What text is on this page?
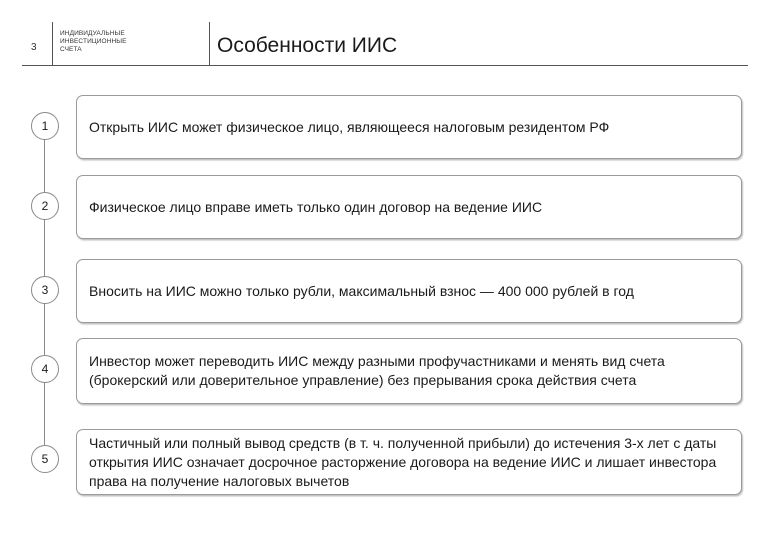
3
ИНДИВИДУАЛЬНЫЕ
ИНВЕСТИЦИОННЫЕ
СЧЕТА	Особенности ИИС
1	Открыть ИИС может физическое лицо, являющееся налоговым резидентом РФ
2	Физическое лицо вправе иметь только один договор на ведение ИИС
3	Вносить на ИИС можно только рубли, максимальный взнос — 400 000 рублей в год
4	Инвестор может переводить ИИС между разными профучастниками и менять вид счета (брокерский или доверительное управление) без прерывания срока действия счета
5
Частичный или полный вывод средств (в т. ч. полученной прибыли) до истечения 3-х лет с даты открытия ИИС означает досрочное расторжение договора на ведение ИИС и лишает инвестора права на получение налоговых вычетов
